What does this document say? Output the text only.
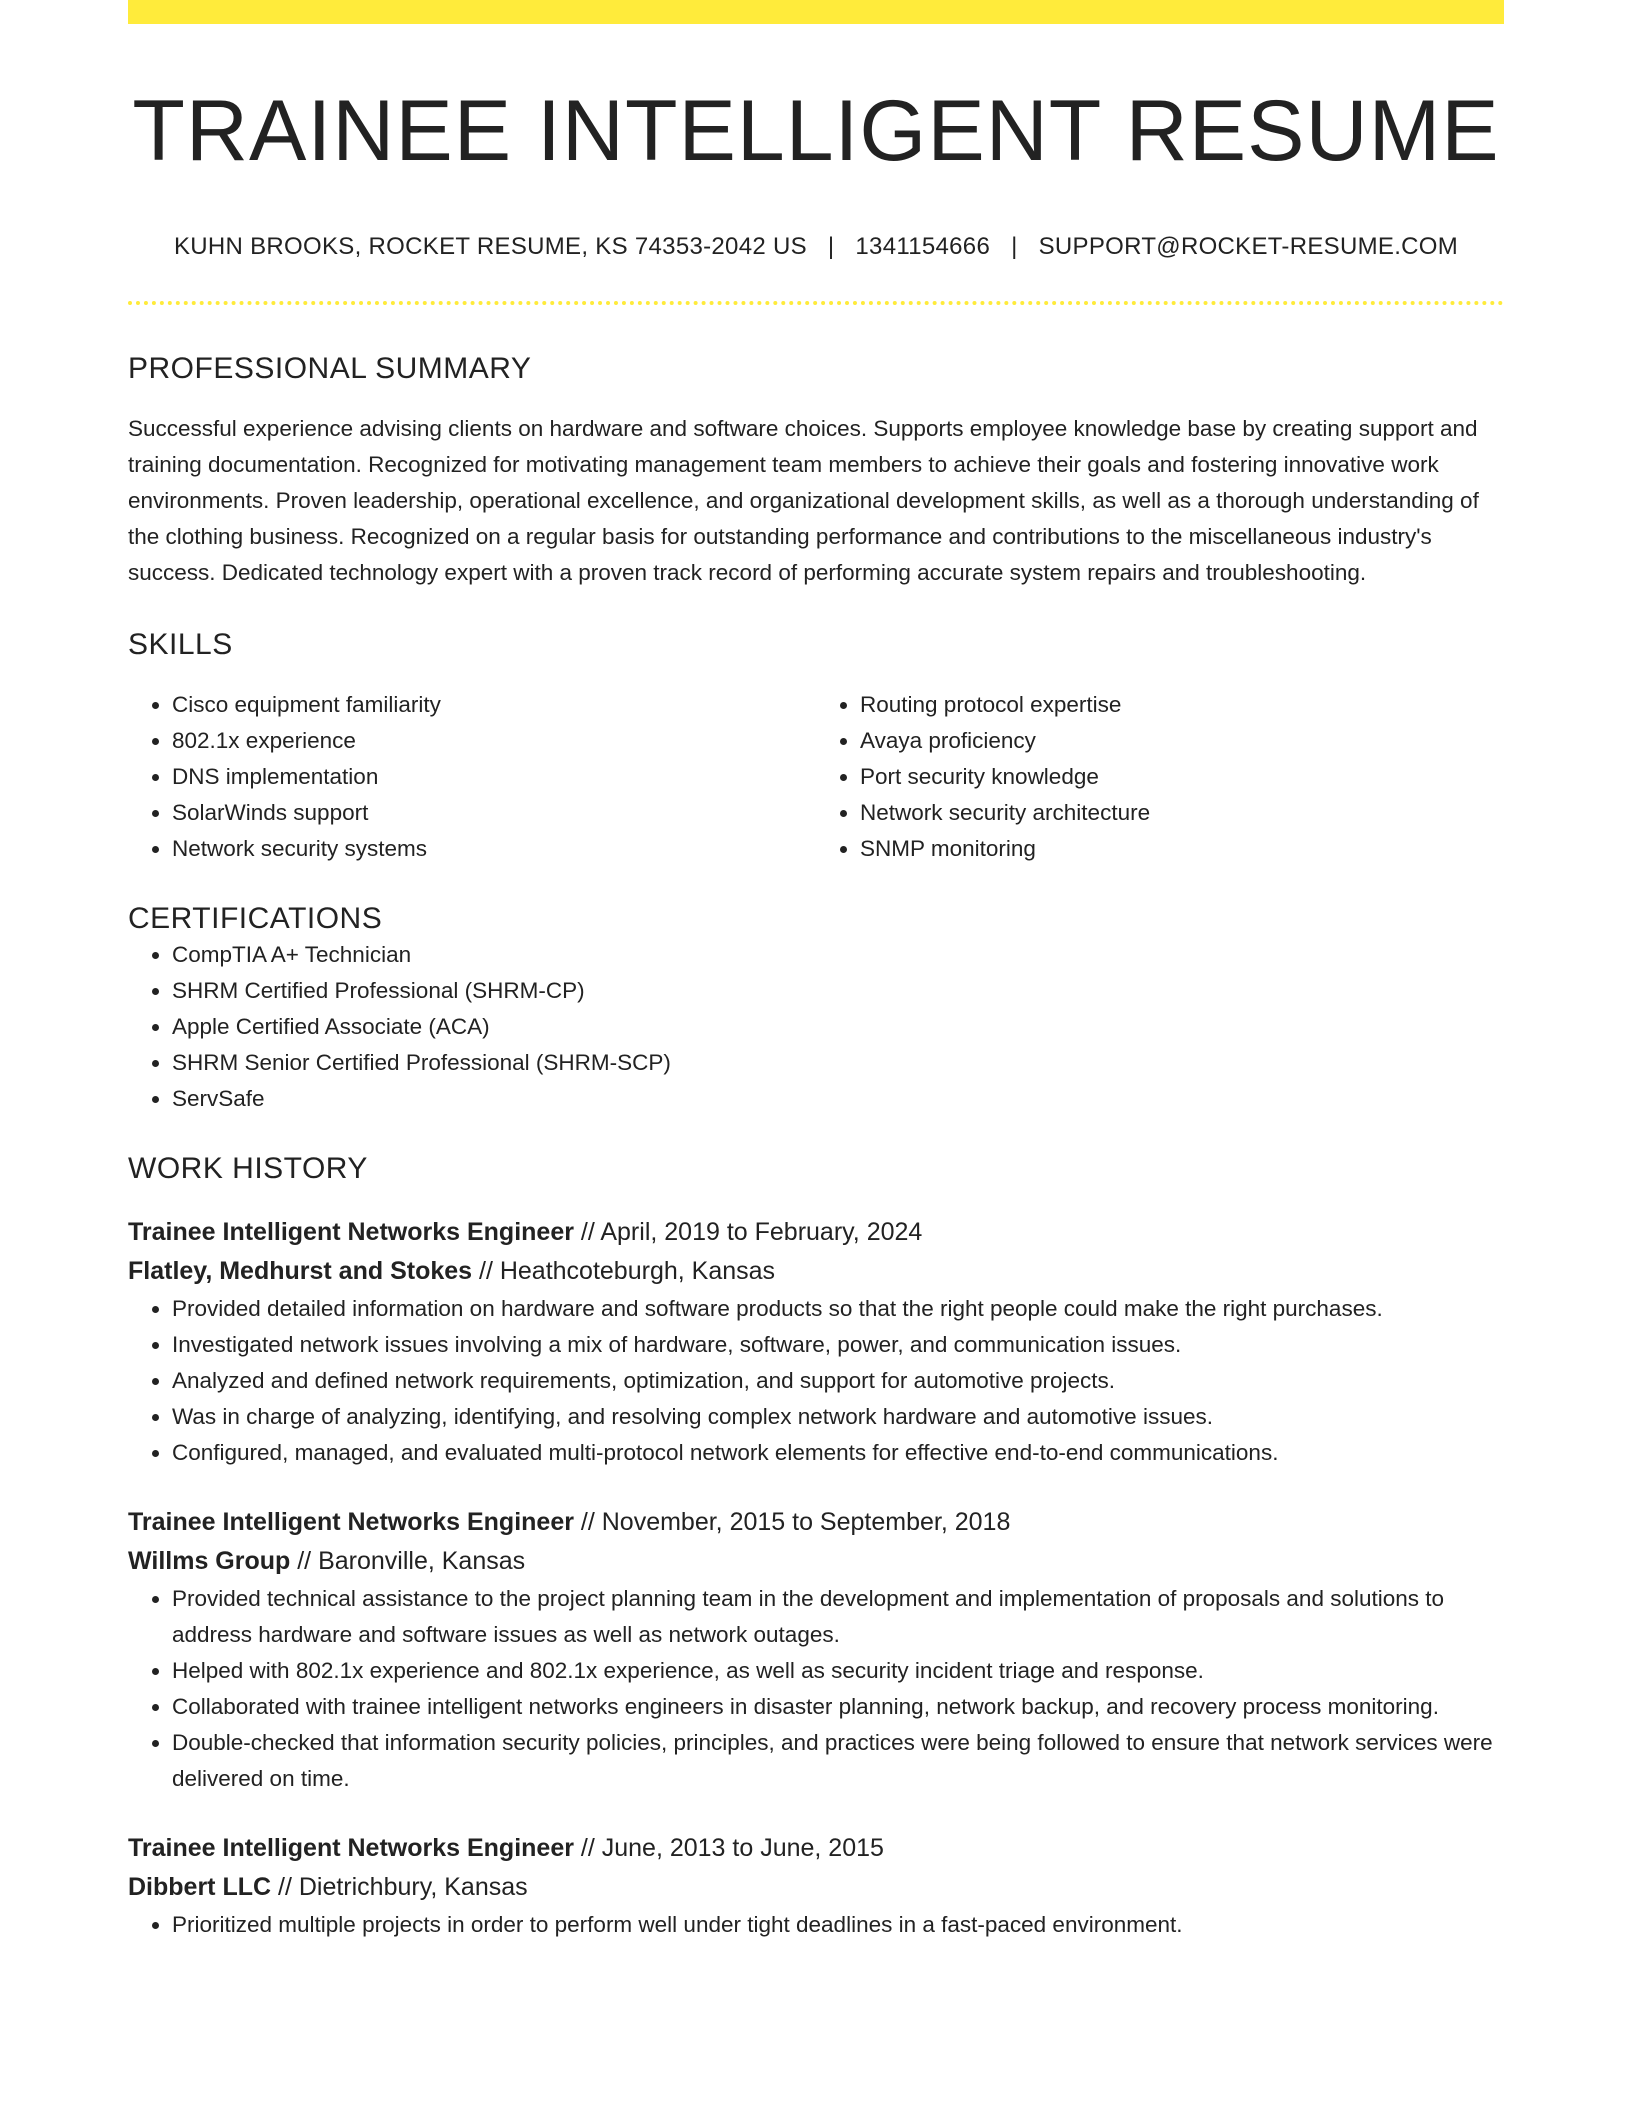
TRAINEE INTELLIGENT RESUME
KUHN BROOKS, ROCKET RESUME, KS 74353-2042 US | 1341154666 | SUPPORT@ROCKET-RESUME.COM
PROFESSIONAL SUMMARY

Successful experience advising clients on hardware and software choices. Supports employee knowledge base by creating support and training documentation. Recognized for motivating management team members to achieve their goals and fostering innovative work environments. Proven leadership, operational excellence, and organizational development skills, as well as a thorough understanding of the clothing business. Recognized on a regular basis for outstanding performance and contributions to the miscellaneous industry's success. Dedicated technology expert with a proven track record of performing accurate system repairs and troubleshooting.

SKILLS
• Cisco equipment familiarity
• 802.1x experience
• DNS implementation
• SolarWinds support
• Network security systems
• Routing protocol expertise
• Avaya proficiency
• Port security knowledge
• Network security architecture
• SNMP monitoring
CERTIFICATIONS
• CompTIA A+ Technician
• SHRM Certified Professional (SHRM-CP)
• Apple Certified Associate (ACA)
• SHRM Senior Certified Professional (SHRM-SCP)
• ServSafe
WORK HISTORY
Trainee Intelligent Networks Engineer // April, 2019 to February, 2024
Flatley, Medhurst and Stokes // Heathcoteburgh, Kansas
• Provided detailed information on hardware and software products so that the right people could make the right purchases.
• Investigated network issues involving a mix of hardware, software, power, and communication issues.
• Analyzed and defined network requirements, optimization, and support for automotive projects.
• Was in charge of analyzing, identifying, and resolving complex network hardware and automotive issues.
• Configured, managed, and evaluated multi-protocol network elements for effective end-to-end communications.
Trainee Intelligent Networks Engineer // November, 2015 to September, 2018
Willms Group // Baronville, Kansas
• Provided technical assistance to the project planning team in the development and implementation of proposals and solutions to address hardware and software issues as well as network outages.
• Helped with 802.1x experience and 802.1x experience, as well as security incident triage and response.
• Collaborated with trainee intelligent networks engineers in disaster planning, network backup, and recovery process monitoring.
• Double-checked that information security policies, principles, and practices were being followed to ensure that network services were delivered on time.
Trainee Intelligent Networks Engineer // June, 2013 to June, 2015
Dibbert LLC // Dietrichbury, Kansas
• Prioritized multiple projects in order to perform well under tight deadlines in a fast-paced environment.
